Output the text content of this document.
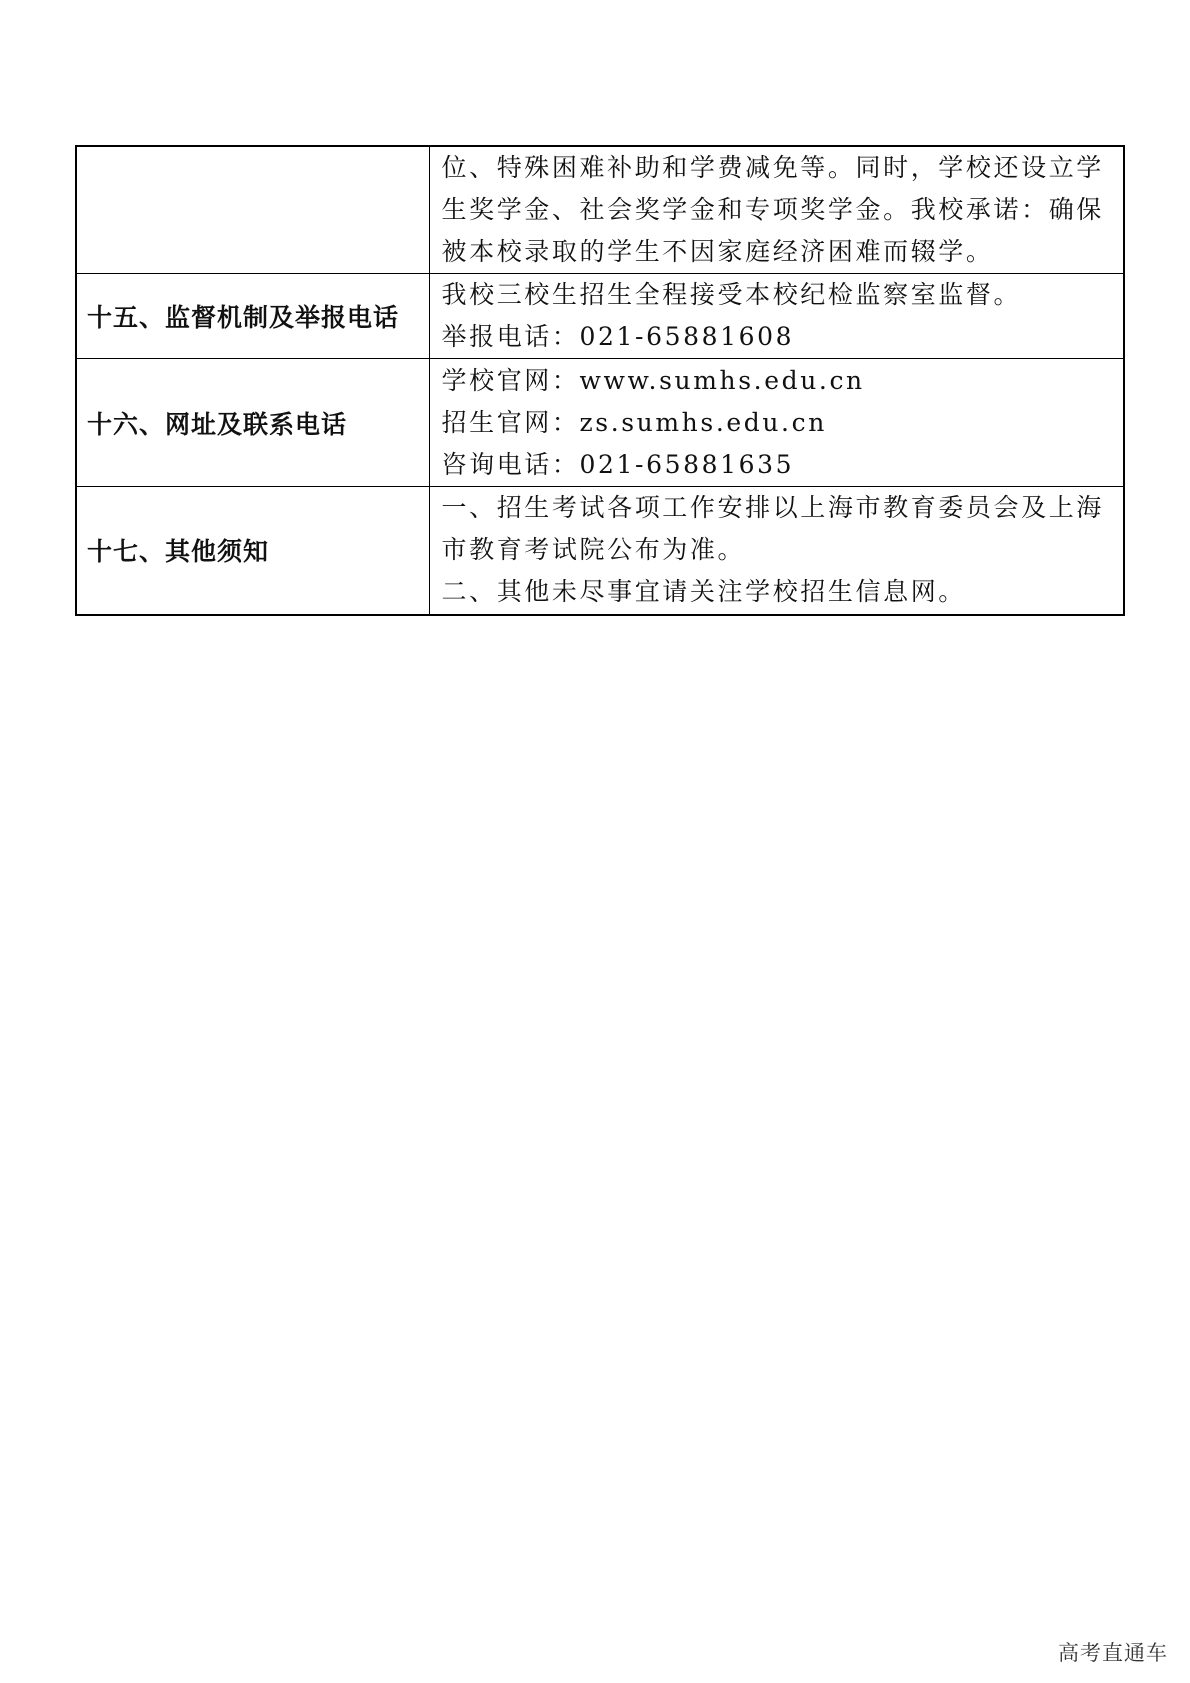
	位、特殊困难补助和学费减免等。同时，学校还设立学
生奖学金、社会奖学金和专项奖学金。我校承诺：确保
被本校录取的学生不因家庭经济困难而辍学。

十五、监督机制及举报电话	我校三校生招生全程接受本校纪检监察室监督。
举报电话：021-65881608

十六、网址及联系电话	学校官网：www.sumhs.edu.cn
招生官网：zs.sumhs.edu.cn
咨询电话：021-65881635

十七、其他须知	一、招生考试各项工作安排以上海市教育委员会及上海
市教育考试院公布为准。
二、其他未尽事宜请关注学校招生信息网。
高考直通车
